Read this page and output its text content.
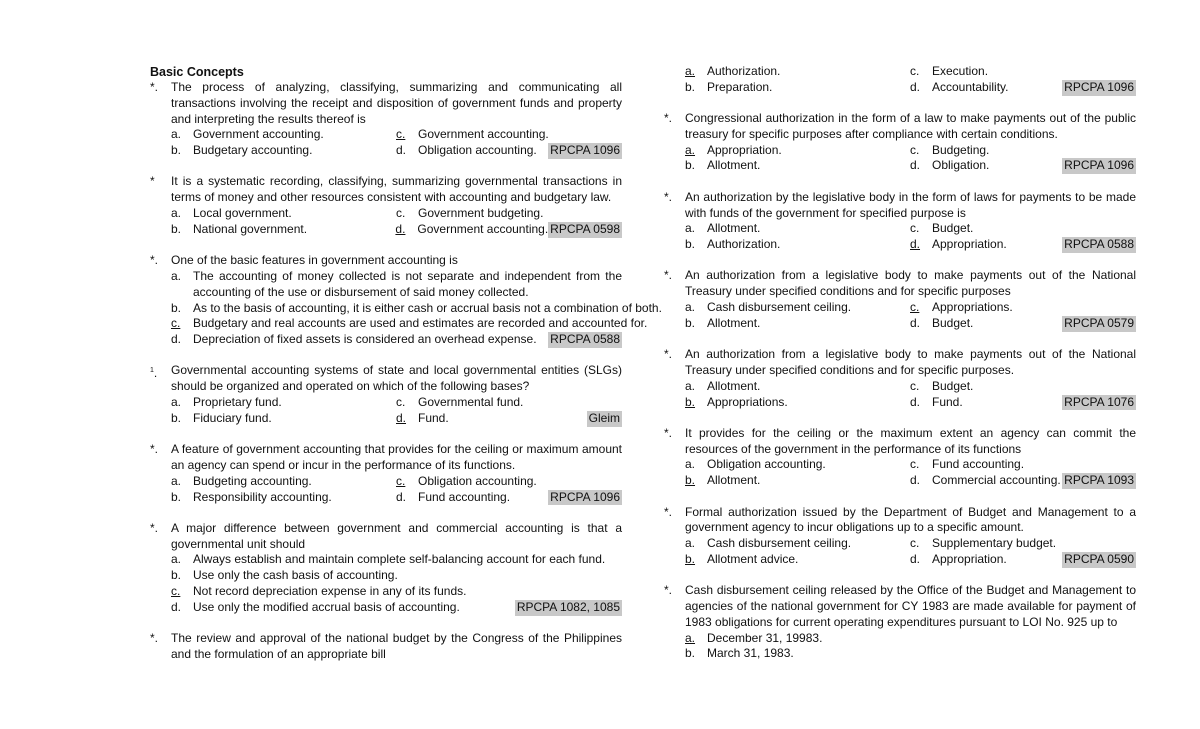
Basic Concepts
*.	The process of analyzing, classifying, summarizing and communicating all transactions involving the receipt and disposition of government funds and property and interpreting the results thereof is
a. Government accounting.	c.	Government accounting.
b. Budgetary accounting.	d. Obligation accounting.	RPCPA 1096
*	It is a systematic recording, classifying, summarizing governmental transactions in terms of money and other resources consistent with accounting and budgetary law.
a. Local government.	c.	Government budgeting.
b. National government.	d. Government accounting. RPCPA 0598
*.	One of the basic features in government accounting is
a. The accounting of money collected is not separate and independent from the accounting of the use or disbursement of said money collected.
b. As to the basis of accounting, it is either cash or accrual basis not a combination of both.
c.	Budgetary and real accounts are used and estimates are recorded and accounted for.
d. Depreciation of fixed assets is considered an overhead expense.	RPCPA 0588
$^1$.	Governmental accounting systems of state and local governmental entities (SLGs) should be organized and operated on which of the following bases?
a. Proprietary fund.	c.	Governmental fund.
b. Fiduciary fund.	d. Fund.	Gleim
*.	A feature of government accounting that provides for the ceiling or maximum amount an agency can spend or incur in the performance of its functions.
a. Budgeting accounting.	c.	Obligation accounting.
b. Responsibility accounting.	d. Fund accounting.	RPCPA 1096
*.	A major difference between government and commercial accounting is that a governmental unit should
a. Always establish and maintain complete self-balancing account for each fund.
b. Use only the cash basis of accounting.
c.	Not record depreciation expense in any of its funds.
d. Use only the modified accrual basis of accounting.	RPCPA 1082, 1085
*.	The review and approval of the national budget by the Congress of the Philippines and the formulation of an appropriate bill
a. Authorization.	c.	Execution.
b. Preparation.	d. Accountability.	RPCPA 1096
*.	Congressional authorization in the form of a law to make payments out of the public treasury for specific purposes after compliance with certain conditions.
a. Appropriation.	c.	Budgeting.
b. Allotment.	d. Obligation.	RPCPA 1096
*.	An authorization by the legislative body in the form of laws for payments to be made with funds of the government for specified purpose is
a. Allotment.	c.	Budget.
b. Authorization.	d. Appropriation.	RPCPA 0588
*.	An authorization from a legislative body to make payments out of the National Treasury under specified conditions and for specific purposes
a. Cash disbursement ceiling.	c.	Appropriations.
b. Allotment.	d. Budget.	RPCPA 0579
*.	An authorization from a legislative body to make payments out of the National Treasury under specified conditions and for specific purposes.
a. Allotment.	c.	Budget.
b. Appropriations.	d. Fund.	RPCPA 1076
*.	It provides for the ceiling or the maximum extent an agency can commit the resources of the government in the performance of its functions
a. Obligation accounting.	c.	Fund accounting.
b. Allotment.	d. Commercial accounting. RPCPA 1093
*.	Formal authorization issued by the Department of Budget and Management to a government agency to incur obligations up to a specific amount.
a. Cash disbursement ceiling.	c.	Supplementary budget.
b. Allotment advice.	d. Appropriation.	RPCPA 0590
*.	Cash disbursement ceiling released by the Office of the Budget and Management to agencies of the national government for CY 1983 are made available for payment of 1983 obligations for current operating expenditures pursuant to LOI No. 925 up to
a. December 31, 19983.
b. March 31, 1983.
